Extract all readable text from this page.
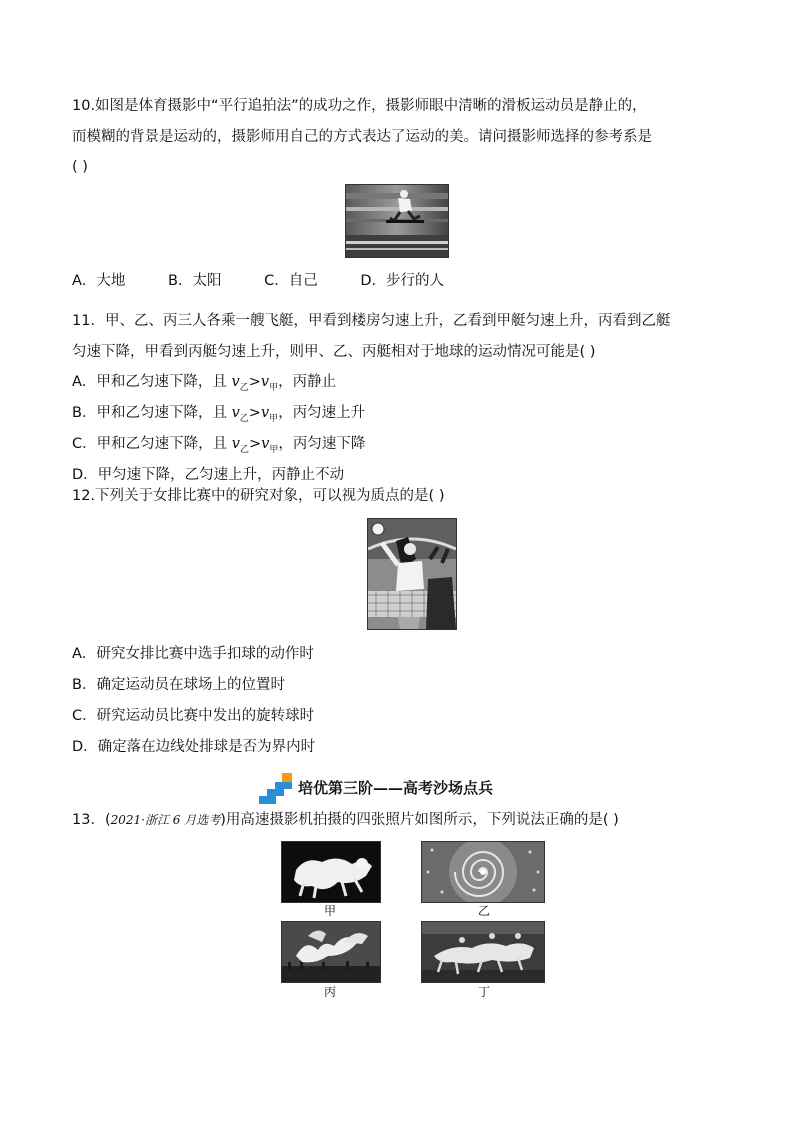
10.如图是体育摄影中“平行追拍法”的成功之作，摄影师眼中清晰的滑板运动员是静止的，
而模糊的背景是运动的，摄影师用自己的方式表达了运动的美。请问摄影师选择的参考系是
( )
A．大地	B．太阳	C．自己	D．步行的人
11．甲、乙、丙三人各乘一艘飞艇，甲看到楼房匀速上升，乙看到甲艇匀速上升，丙看到乙艇
匀速下降，甲看到丙艇匀速上升，则甲、乙、丙艇相对于地球的运动情况可能是( )
A．甲和乙匀速下降，且 $v_乙>v_甲$，丙静止
B．甲和乙匀速下降，且 $v_乙>v_甲$，丙匀速上升
C．甲和乙匀速下降，且 $v_乙>v_甲$，丙匀速下降
D．甲匀速下降，乙匀速上升，丙静止不动
12.下列关于女排比赛中的研究对象，可以视为质点的是( )
A．研究女排比赛中选手扣球的动作时
B．确定运动员在球场上的位置时
C．研究运动员比赛中发出的旋转球时
D．确定落在边线处排球是否为界内时
培优第三阶——高考沙场点兵
13．(2021·浙江 6 月选考)用高速摄影机拍摄的四张照片如图所示，下列说法正确的是( )
甲	乙
丙	丁
